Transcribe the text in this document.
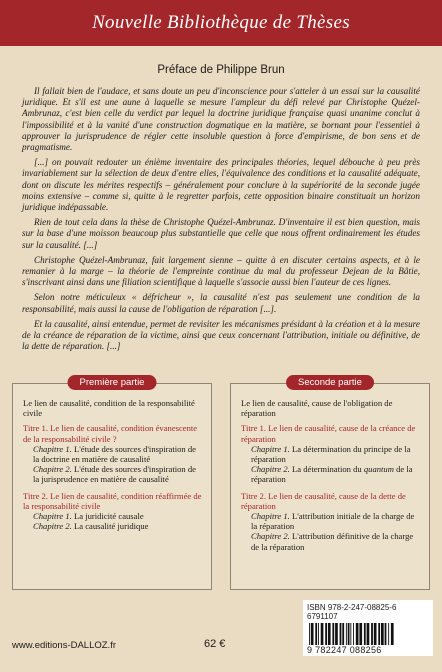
Nouvelle Bibliothèque de Thèses
Préface de Philippe Brun

Il fallait bien de l'audace, et sans doute un peu d'inconscience pour s'atteler à un essai sur la causalité juridique. Et s'il est une aune à laquelle se mesure l'ampleur du défi relevé par Christophe Quézel-Ambrunaz, c'est bien celle du verdict par lequel la doctrine juridique française quasi unanime conclut à l'impossibilité et à la vanité d'une construction dogmatique en la matière, se bornant pour l'essentiel à approuver la jurisprudence de régler cette insoluble question à force d'empirisme, de bon sens et de pragmatisme.

[...] on pouvait redouter un énième inventaire des principales théories, lequel débouche à peu près invariablement sur la sélection de deux d'entre elles, l'équivalence des conditions et la causalité adéquate, dont on discute les mérites respectifs – généralement pour conclure à la supériorité de la seconde jugée moins extensive – comme si, quitte à le regretter parfois, cette opposition binaire constituait un horizon juridique indépassable.

Rien de tout cela dans la thèse de Christophe Quézel-Ambrunaz. D'inventaire il est bien question, mais sur la base d'une moisson beaucoup plus substantielle que celle que nous offrent ordinairement les études sur la causalité. [...]

Christophe Quézel-Ambrunaz, fait largement sienne – quitte à en discuter certains aspects, et à le remanier à la marge – la théorie de l'empreinte continue du mal du professeur Dejean de la Bâtie, s'inscrivant ainsi dans une filiation scientifique à laquelle s'associe aussi bien l'auteur de ces lignes.

Selon notre méticuleux « défricheur », la causalité n'est pas seulement une condition de la responsabilité, mais aussi la cause de l'obligation de réparation [...].

Et la causalité, ainsi entendue, permet de revisiter les mécanismes présidant à la création et à la mesure de la créance de réparation de la victime, ainsi que ceux concernant l'attribution, initiale ou définitive, de la dette de réparation. [...]

Première partie
Le lien de causalité, condition de la responsabilité civile
Titre 1. Le lien de causalité, condition évanescente de la responsabilité civile ?
Chapitre 1. L'étude des sources d'inspiration de la doctrine en matière de causalité
Chapitre 2. L'étude des sources d'inspiration de la jurisprudence en matière de causalité
Titre 2. Le lien de causalité, condition réaffirmée de la responsabilité civile
Chapitre 1. La juridicité causale
Chapitre 2. La causalité juridique
Seconde partie
Le lien de causalité, cause de l'obligation de réparation
Titre 1. Le lien de causalité, cause de la créance de réparation
Chapitre 1. La détermination du principe de la réparation
Chapitre 2. La détermination du quantum de la réparation
Titre 2. Le lien de causalité, cause de la dette de réparation
Chapitre 1. L'attribution initiale de la charge de la réparation
Chapitre 2. L'attribution définitive de la charge de la réparation
ISBN 978-2-247-08825-6
6791107
9 782247 088256
www.editions-DALLOZ.fr	62 €
